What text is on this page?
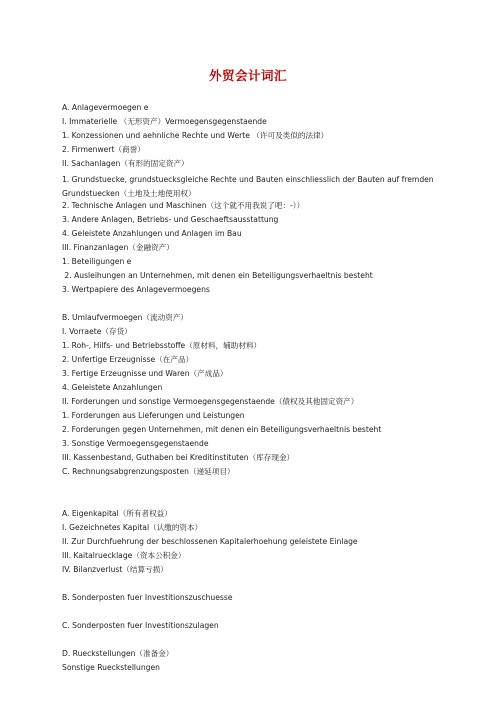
外贸会计词汇
A. Anlagevermoegen e
I. Immaterielle （无形资产）Vermoegensgegenstaende
1. Konzessionen und aehnliche Rechte und Werte （许可及类似的法律）
2. Firmenwert（商誉）
II. Sachanlagen（有形的固定资产）
1. Grundstuecke, grundstuecksgleiche Rechte und Bauten einschliesslich der Bauten auf fremden Grundstuecken（土地及土地使用权）
2. Technische Anlagen und Maschinen（这个就不用我说了吧：-））
3. Andere Anlagen, Betriebs- und Geschaeftsausstattung
4. Geleistete Anzahlungen und Anlagen im Bau
III. Finanzanlagen（金融资产）
1. Beteiligungen e
2. Ausleihungen an Unternehmen, mit denen ein Beteiligungsverhaeltnis besteht
3. Wertpapiere des Anlagevermoegens
B. Umlaufvermoegen（流动资产）
I. Vorraete（存货）
1. Roh-, Hilfs- und Betriebsstoffe（原材料，辅助材料）
2. Unfertige Erzeugnisse（在产品）
3. Fertige Erzeugnisse und Waren（产成品）
4. Geleistete Anzahlungen
II. Forderungen und sonstige Vermoegensgegenstaende（债权及其他固定资产）
1. Forderungen aus Lieferungen und Leistungen
2. Forderungen gegen Unternehmen, mit denen ein Beteiligungsverhaeltnis besteht
3. Sonstige Vermoegensgegenstaende
III. Kassenbestand, Guthaben bei Kreditinstituten（库存现金）
C. Rechnungsabgrenzungsposten（递延项目）
A. Eigenkapital（所有者权益）
I. Gezeichnetes Kapital（认缴的资本）
II. Zur Durchfuehrung der beschlossenen Kapitalerhoehung geleistete Einlage
III. Kaitalruecklage（资本公积金）
IV. Bilanzverlust（结算亏损）
B. Sonderposten fuer Investitionszuschuesse
C. Sonderposten fuer Investitionszulagen
D. Rueckstellungen（准备金）
Sonstige Rueckstellungen
